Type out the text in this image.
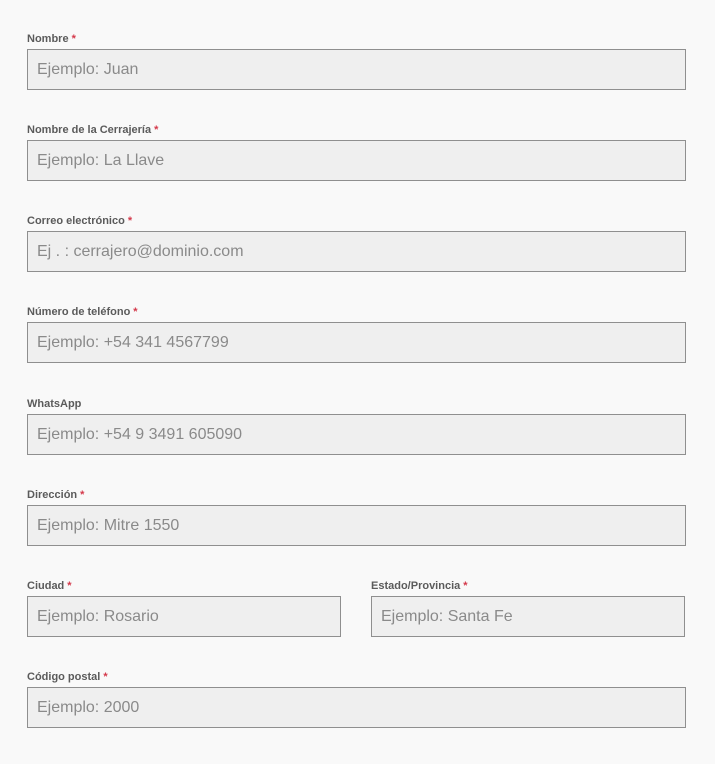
Nombre *
Ejemplo: Juan
Nombre de la Cerrajería *
Ejemplo: La Llave
Correo electrónico *
Ej . : cerrajero@dominio.com
Número de teléfono *
Ejemplo: +54 341 4567799
WhatsApp
Ejemplo: +54 9 3491 605090
Dirección *
Ejemplo: Mitre 1550
Ciudad *
Ejemplo: Rosario	Estado/Provincia *
Ejemplo: Santa Fe
Código postal *
Ejemplo: 2000
